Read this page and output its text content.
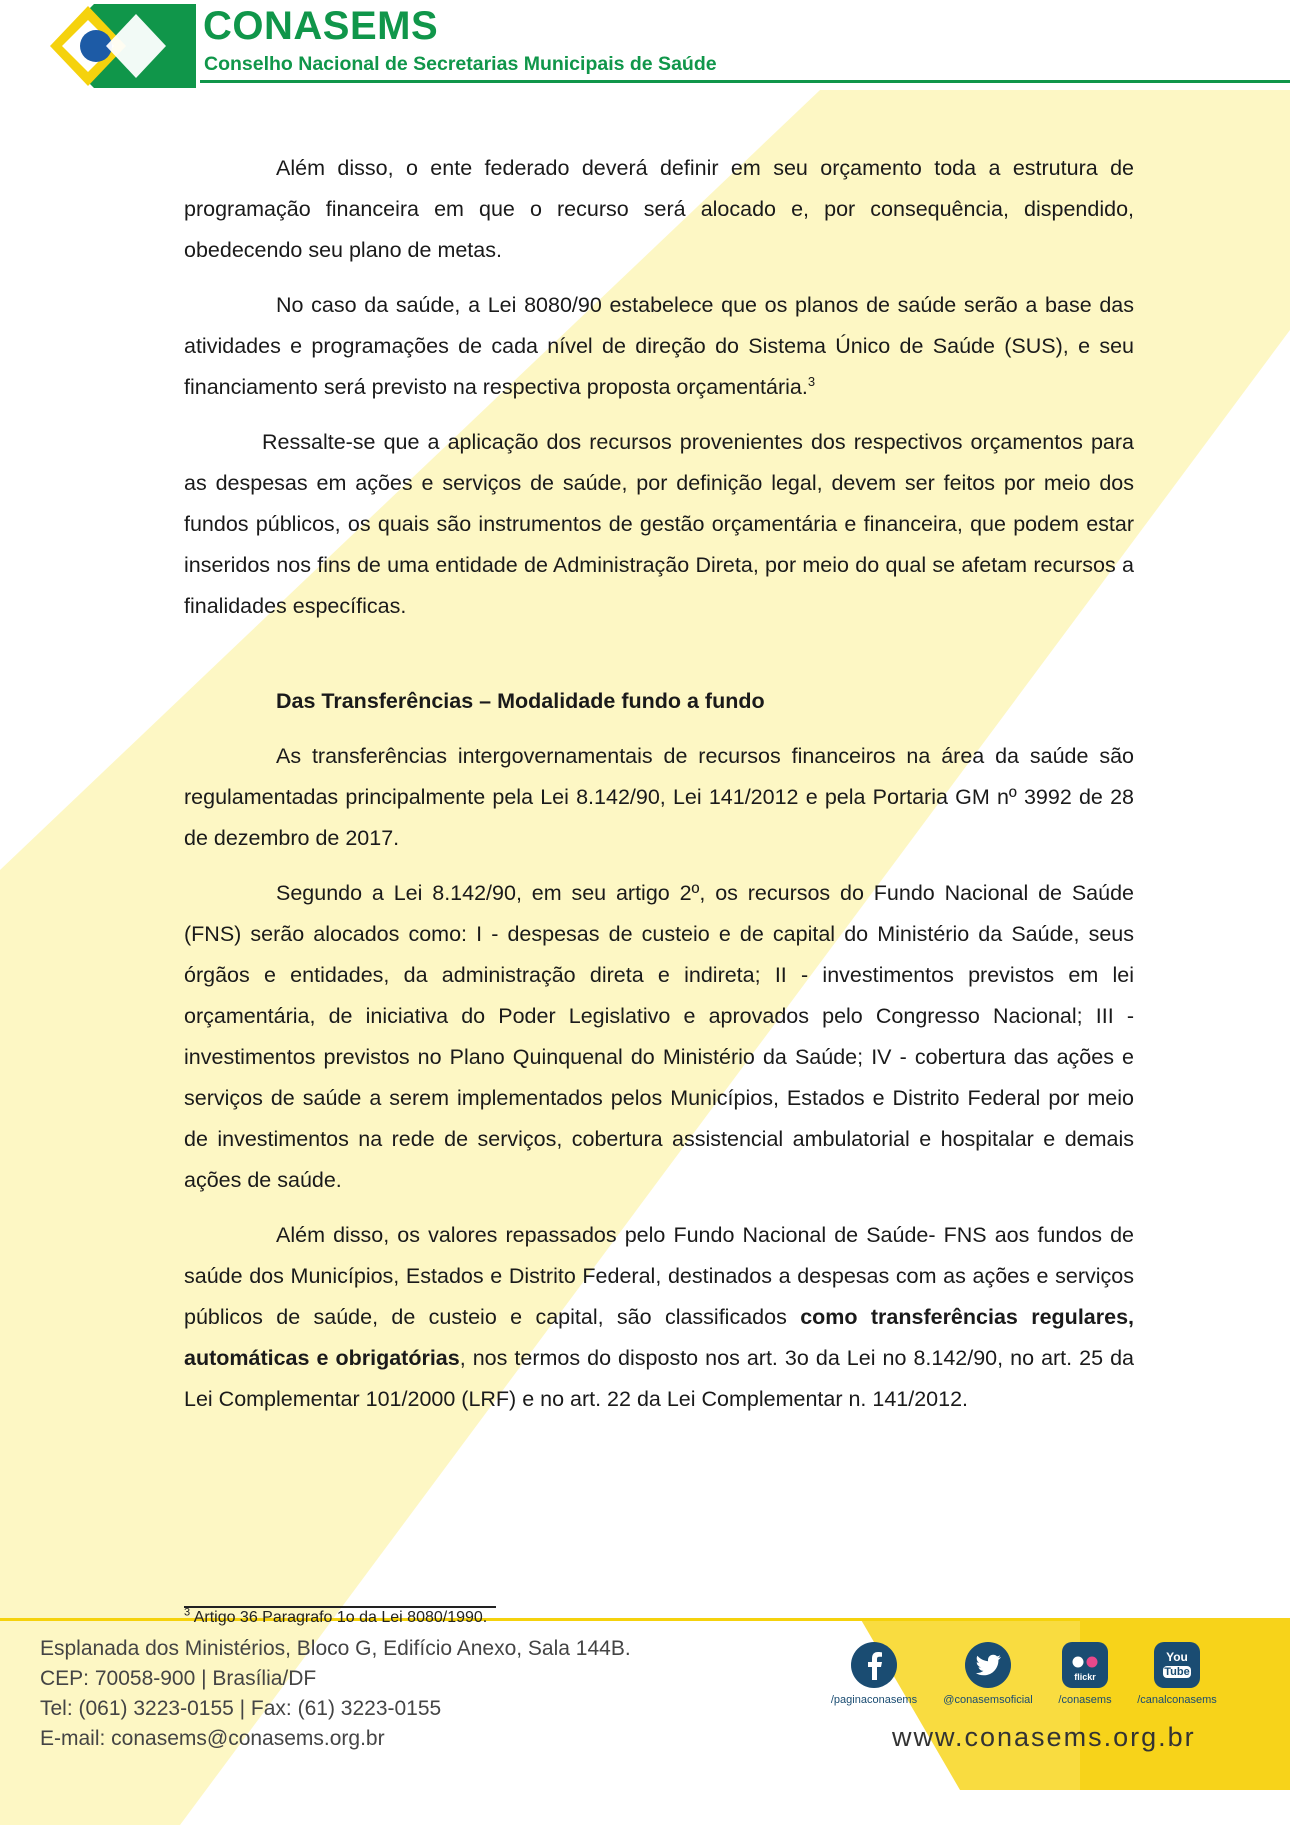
CONASEMS
Conselho Nacional de Secretarias Municipais de Saúde

Além disso, o ente federado deverá definir em seu orçamento toda a estrutura de programação financeira em que o recurso será alocado e, por consequência, dispendido, obedecendo seu plano de metas.

No caso da saúde, a Lei 8080/90 estabelece que os planos de saúde serão a base das atividades e programações de cada nível de direção do Sistema Único de Saúde (SUS), e seu financiamento será previsto na respectiva proposta orçamentária.$^3$

Ressalte-se que a aplicação dos recursos provenientes dos respectivos orçamentos para as despesas em ações e serviços de saúde, por definição legal, devem ser feitos por meio dos fundos públicos, os quais são instrumentos de gestão orçamentária e financeira, que podem estar inseridos nos fins de uma entidade de Administração Direta, por meio do qual se afetam recursos a finalidades específicas.

Das Transferências – Modalidade fundo a fundo

As transferências intergovernamentais de recursos financeiros na área da saúde são regulamentadas principalmente pela Lei 8.142/90, Lei 141/2012 e pela Portaria GM nº 3992 de 28 de dezembro de 2017.

Segundo a Lei 8.142/90, em seu artigo 2º, os recursos do Fundo Nacional de Saúde (FNS) serão alocados como: I - despesas de custeio e de capital do Ministério da Saúde, seus órgãos e entidades, da administração direta e indireta; II - investimentos previstos em lei orçamentária, de iniciativa do Poder Legislativo e aprovados pelo Congresso Nacional; III - investimentos previstos no Plano Quinquenal do Ministério da Saúde; IV - cobertura das ações e serviços de saúde a serem implementados pelos Municípios, Estados e Distrito Federal por meio de investimentos na rede de serviços, cobertura assistencial ambulatorial e hospitalar e demais ações de saúde.

Além disso, os valores repassados pelo Fundo Nacional de Saúde- FNS aos fundos de saúde dos Municípios, Estados e Distrito Federal, destinados a despesas com as ações e serviços públicos de saúde, de custeio e capital, são classificados como transferências regulares, automáticas e obrigatórias, nos termos do disposto nos art. 3o da Lei no 8.142/90, no art. 25 da Lei Complementar 101/2000 (LRF) e no art. 22 da Lei Complementar n. 141/2012.

$^3$ Artigo 36 Paragrafo 1o da Lei 8080/1990.
Esplanada dos Ministérios, Bloco G, Edifício Anexo, Sala 144B.
CEP: 70058-900 | Brasília/DF
Tel: (061) 3223-0155 | Fax: (61) 3223-0155
E-mail: conasems@conasems.org.br
/paginaconasems	@conasemsoficial
flickr
/conasems
You
Tube
/canalconasems
www.conasems.org.br
